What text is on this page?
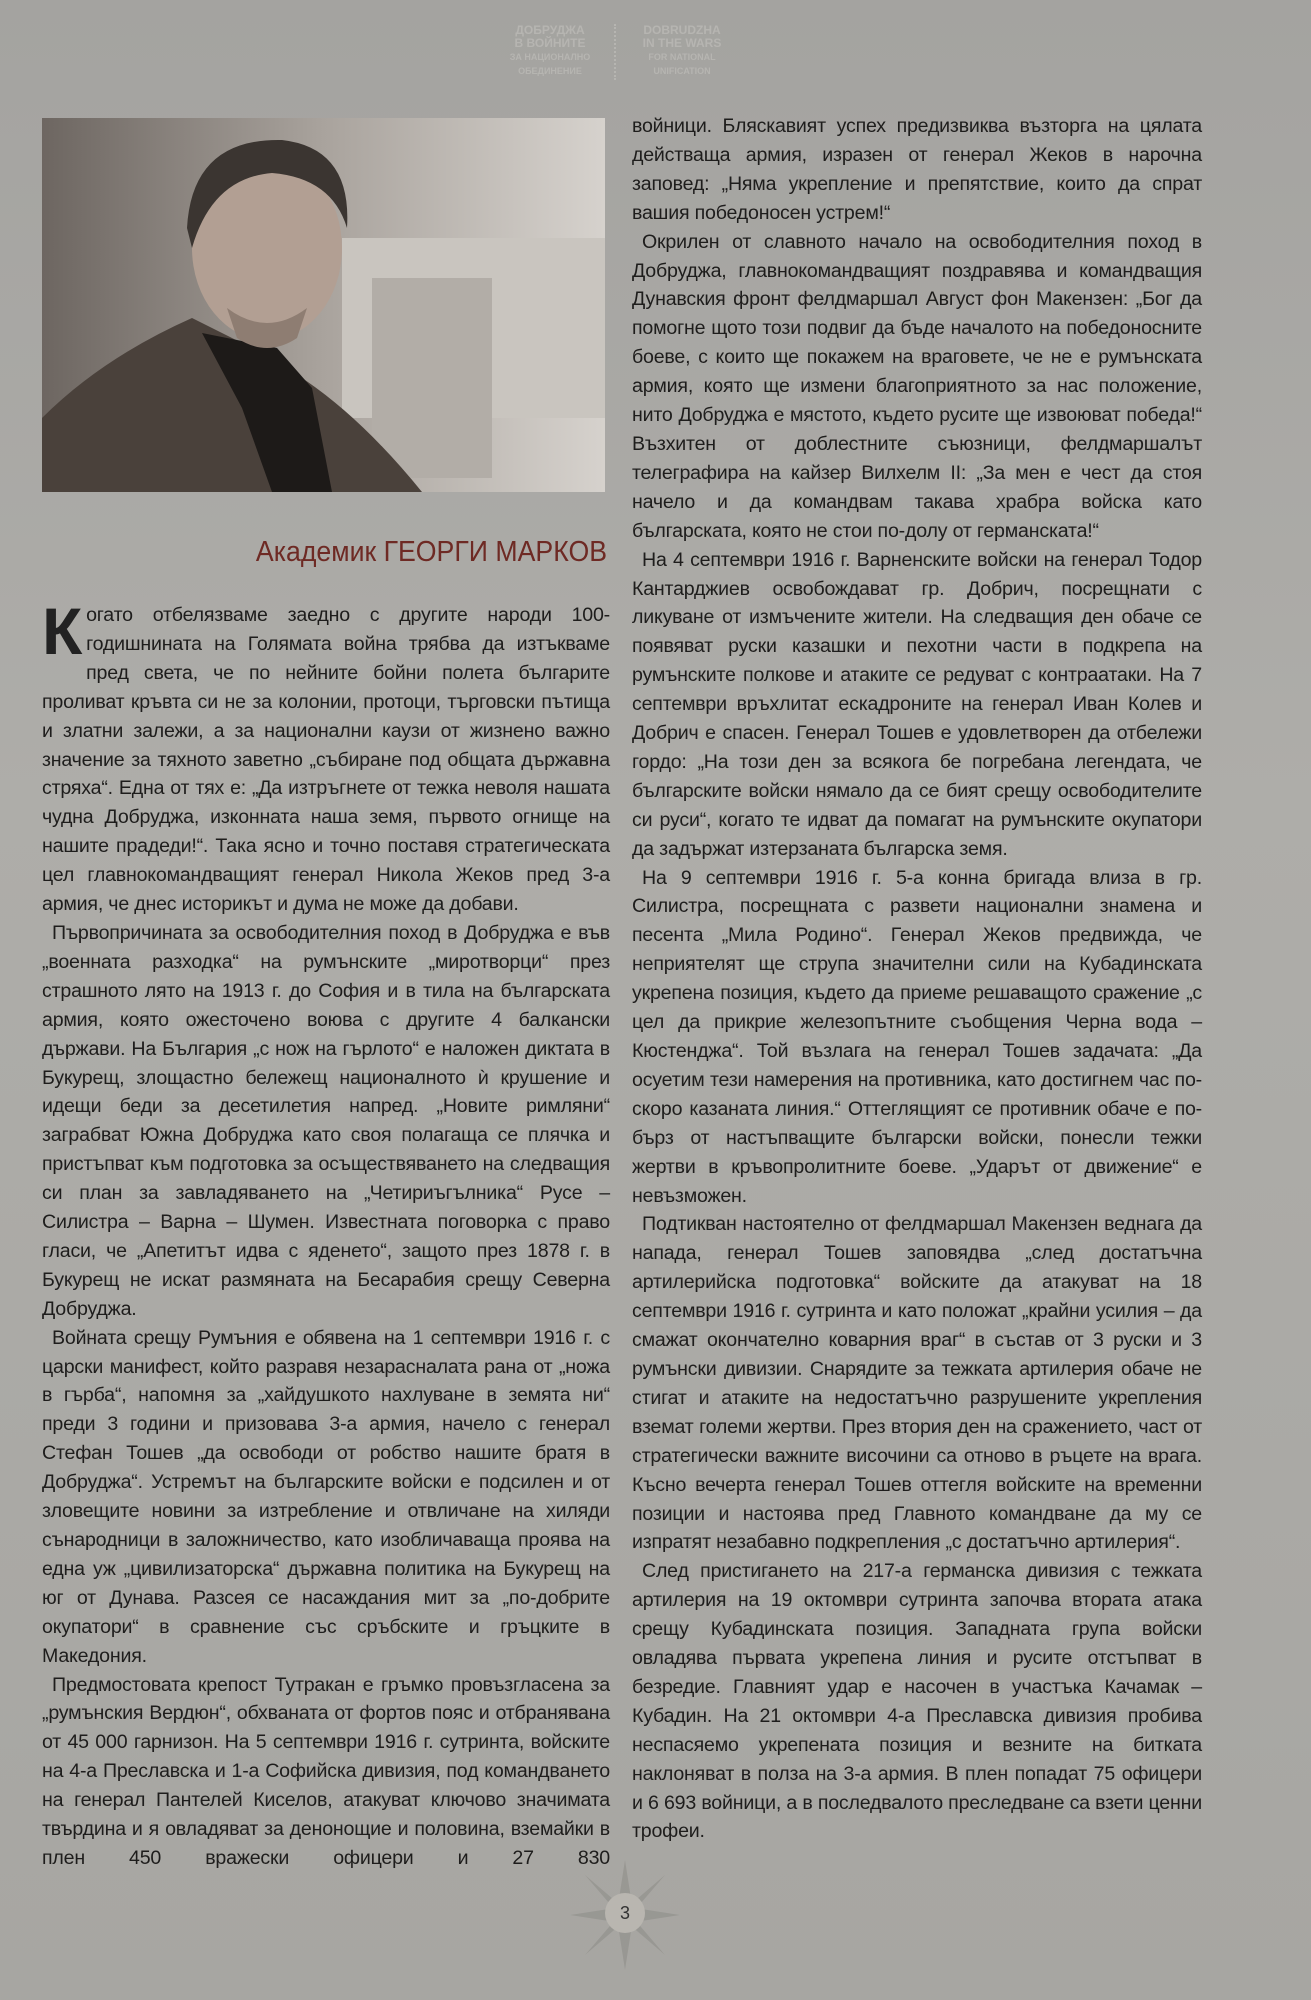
ДОБРУДЖА
В ВОЙНИТЕ
ЗА НАЦИОНАЛНО
ОБЕДИНЕНИЕ
DOBRUDZHA
IN THE WARS
FOR NATIONAL
UNIFICATION
Академик ГЕОРГИ МАРКОВ

Когато отбелязваме заедно с другите народи 100-годишнината на Голямата война трябва да изтъкваме пред света, че по нейните бойни полета българите проливат кръвта си не за колонии, протоци, търговски пътища и златни залежи, а за национални каузи от жизнено важно значение за тяхното заветно „събиране под общата държавна стряха“. Една от тях е: „Да изтръгнете от тежка неволя нашата чудна Добруджа, изконната наша земя, първото огнище на нашите прадеди!“. Така ясно и точно поставя стратегическата цел главнокомандващият генерал Никола Жеков пред 3-а армия, че днес историкът и дума не може да добави.

Първопричината за освободителния поход в Добруджа е във „военната разходка“ на румънските „миротворци“ през страшното лято на 1913 г. до София и в тила на българската армия, която ожесточено воюва с другите 4 балкански държави. На България „с нож на гърлото“ е наложен диктата в Букурещ, злощастно бележещ националното ѝ крушение и идещи беди за десетилетия напред. „Новите римляни“ заграбват Южна Добруджа като своя полагаща се плячка и пристъпват към подготовка за осъществяването на следващия си план за завладяването на „Четириъгълника“ Русе – Силистра – Варна – Шумен. Известната поговорка с право гласи, че „Апетитът идва с яденето“, защото през 1878 г. в Букурещ не искат размяната на Бесарабия срещу Северна Добруджа.

Войната срещу Румъния е обявена на 1 септември 1916 г. с царски манифест, който разравя незарасналата рана от „ножа в гърба“, напомня за „хайдушкото нахлуване в земята ни“ преди 3 години и призовава 3-а армия, начело с генерал Стефан Тошев „да освободи от робство нашите братя в Добруджа“. Устремът на българските войски е подсилен и от зловещите новини за изтребление и отвличане на хиляди сънародници в заложничество, като изобличаваща проява на една уж „цивилизаторска“ държавна политика на Букурещ на юг от Дунава. Разсея се насаждания мит за „по-добрите окупатори“ в сравнение със сръбските и гръцките в Македония.

Предмостовата крепост Тутракан е гръмко провъзгласена за „румънския Вердюн“, обхваната от фортов пояс и отбранявана от 45 000 гарнизон. На 5 септември 1916 г. сутринта, войските на 4-а Преславска и 1-а Софийска дивизия, под командването на генерал Пантелей Киселов, атакуват ключово значимата твърдина и я овладяват за денонощие и половина, вземайки в плен 450 вражески офицери и 27 830

войници. Бляскавият успех предизвиква възторга на цялата действаща армия, изразен от генерал Жеков в нарочна заповед: „Няма укрепление и препятствие, които да спрат вашия победоносен устрем!“

Окрилен от славното начало на освободителния поход в Добруджа, главнокомандващият поздравява и командващия Дунавския фронт фелдмаршал Август фон Макензен: „Бог да помогне щото този подвиг да бъде началото на победоносните боеве, с които ще покажем на враговете, че не е румънската армия, която ще измени благоприятното за нас положение, нито Добруджа е мястото, където русите ще извоюват победа!“ Възхитен от доблестните съюзници, фелдмаршалът телеграфира на кайзер Вилхелм II: „За мен е чест да стоя начело и да командвам такава храбра войска като българската, която не стои по-долу от германската!“

На 4 септември 1916 г. Варненските войски на генерал Тодор Кантарджиев освобождават гр. Добрич, посрещнати с ликуване от измъчените жители. На следващия ден обаче се появяват руски казашки и пехотни части в подкрепа на румънските полкове и атаките се редуват с контраатаки. На 7 септември връхлитат ескадроните на генерал Иван Колев и Добрич е спасен. Генерал Тошев е удовлетворен да отбележи гордо: „На този ден за всякога бе погребана легендата, че българските войски нямало да се бият срещу освободителите си руси“, когато те идват да помагат на румънските окупатори да задържат изтерзаната българска земя.

На 9 септември 1916 г. 5-а конна бригада влиза в гр. Силистра, посрещната с развети национални знамена и песента „Мила Родино“. Генерал Жеков предвижда, че неприятелят ще струпа значителни сили на Кубадинската укрепена позиция, където да приеме решаващото сражение „с цел да прикрие железопътните съобщения Черна вода – Кюстенджа“. Той възлага на генерал Тошев задачата: „Да осуетим тези намерения на противника, като достигнем час по-скоро казаната линия.“ Оттеглящият се противник обаче е по-бърз от настъпващите български войски, понесли тежки жертви в кръвопролитните боеве. „Ударът от движение“ е невъзможен.

Подтикван настоятелно от фелдмаршал Макензен веднага да напада, генерал Тошев заповядва „след достатъчна артилерийска подготовка“ войските да атакуват на 18 септември 1916 г. сутринта и като положат „крайни усилия – да смажат окончателно коварния враг“ в състав от 3 руски и 3 румънски дивизии. Снарядите за тежката артилерия обаче не стигат и атаките на недостатъчно разрушените укрепления вземат големи жертви. През втория ден на сражението, част от стратегически важните височини са отново в ръцете на врага. Късно вечерта генерал Тошев оттегля войските на временни позиции и настоява пред Главното командване да му се изпратят незабавно подкрепления „с достатъчно артилерия“.

След пристигането на 217-а германска дивизия с тежката артилерия на 19 октомври сутринта започва втората атака срещу Кубадинската позиция. Западната група войски овладява първата укрепена линия и русите отстъпват в безредие. Главният удар е насочен в участъка Качамак – Кубадин. На 21 октомври 4-а Преславска дивизия пробива неспасяемо укрепената позиция и везните на битката наклоняват в полза на 3-а армия. В плен попадат 75 офицери и 6 693 войници, а в последвалото преследване са взети ценни трофеи.

3
